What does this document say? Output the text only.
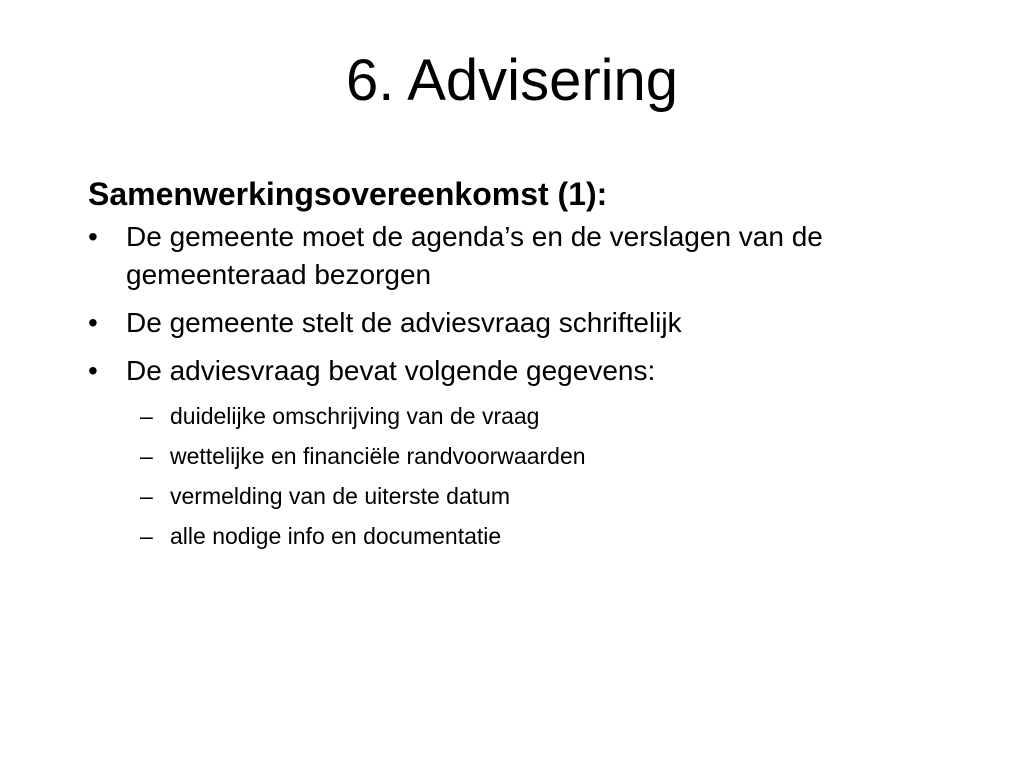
6. Advisering
Samenwerkingsovereenkomst (1):
•	De gemeente moet de agenda’s en de verslagen van de gemeenteraad bezorgen
•	De gemeente stelt de adviesvraag schriftelijk
•	De adviesvraag bevat volgende gegevens:
– duidelijke omschrijving van de vraag
– wettelijke en financiële randvoorwaarden
– vermelding van de uiterste datum
– alle nodige info en documentatie
